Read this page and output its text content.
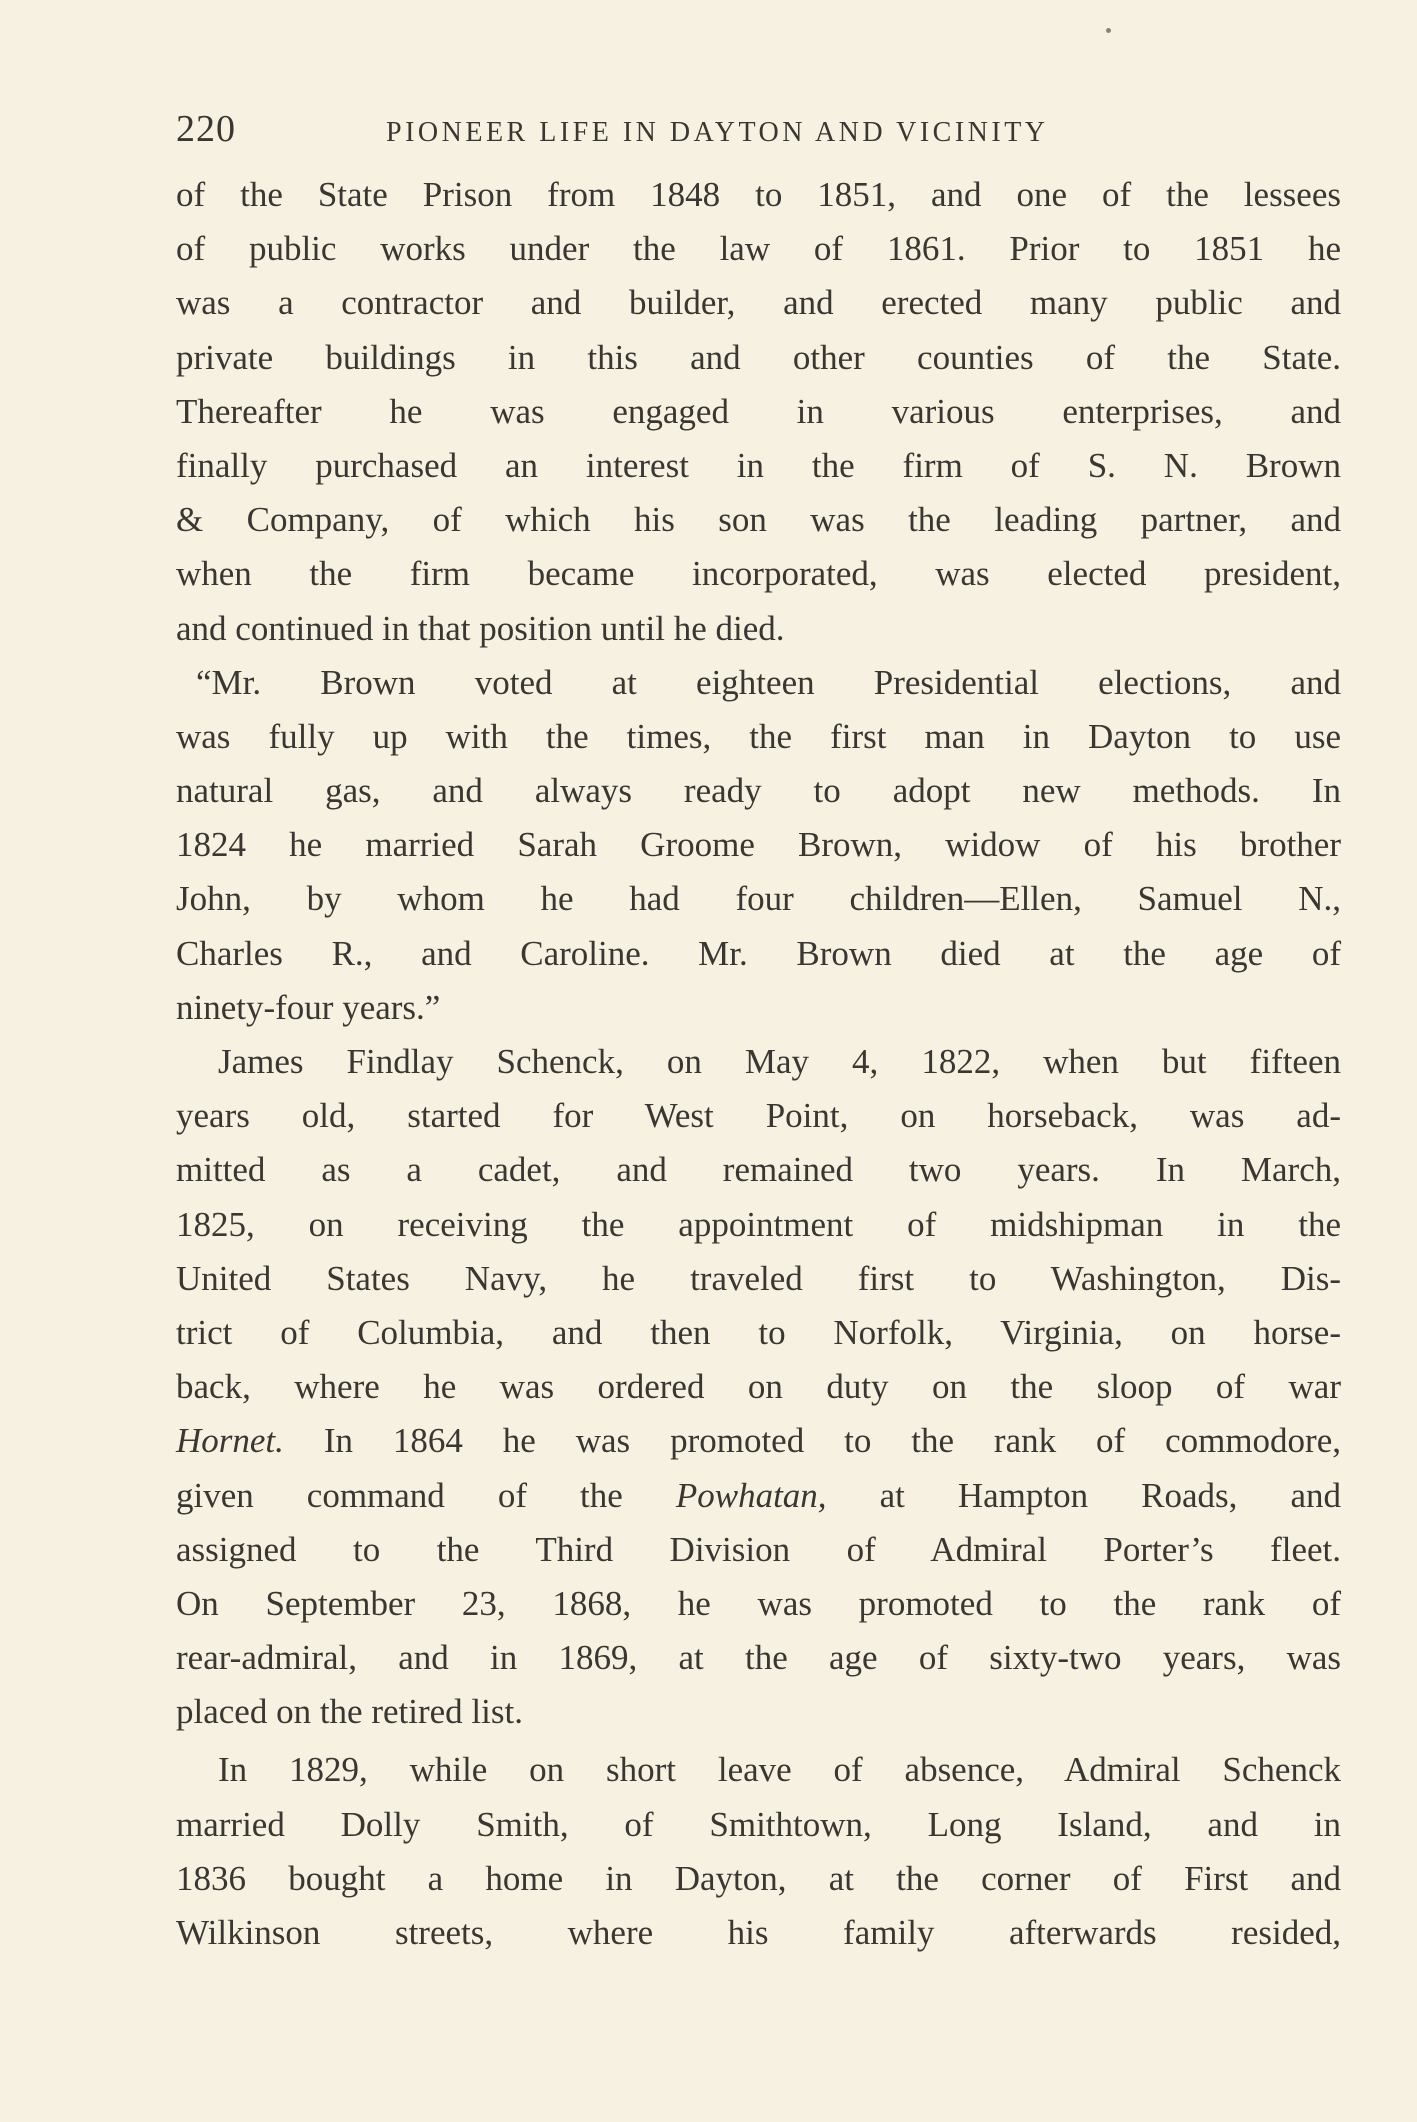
220	PIONEER LIFE IN DAYTON AND VICINITY
of the State Prison from 1848 to 1851, and one of the lessees
of public works under the law of 1861. Prior to 1851 he
was a contractor and builder, and erected many public and
private buildings in this and other counties of the State.
Thereafter he was engaged in various enterprises, and
finally purchased an interest in the firm of S. N. Brown
& Company, of which his son was the leading partner, and
when the firm became incorporated, was elected president,
and continued in that position until he died.
“Mr. Brown voted at eighteen Presidential elections, and
was fully up with the times, the first man in Dayton to use
natural gas, and always ready to adopt new methods. In
1824 he married Sarah Groome Brown, widow of his brother
John, by whom he had four children—Ellen, Samuel N.,
Charles R., and Caroline. Mr. Brown died at the age of
ninety-four years.”
James Findlay Schenck, on May 4, 1822, when but fifteen
years old, started for West Point, on horseback, was ad-
mitted as a cadet, and remained two years. In March,
1825, on receiving the appointment of midshipman in the
United States Navy, he traveled first to Washington, Dis-
trict of Columbia, and then to Norfolk, Virginia, on horse-
back, where he was ordered on duty on the sloop of war
Hornet. In 1864 he was promoted to the rank of commodore,
given command of the Powhatan, at Hampton Roads, and
assigned to the Third Division of Admiral Porter’s fleet.
On September 23, 1868, he was promoted to the rank of
rear-admiral, and in 1869, at the age of sixty-two years, was
placed on the retired list.
In 1829, while on short leave of absence, Admiral Schenck
married Dolly Smith, of Smithtown, Long Island, and in
1836 bought a home in Dayton, at the corner of First and
Wilkinson streets, where his family afterwards resided,
